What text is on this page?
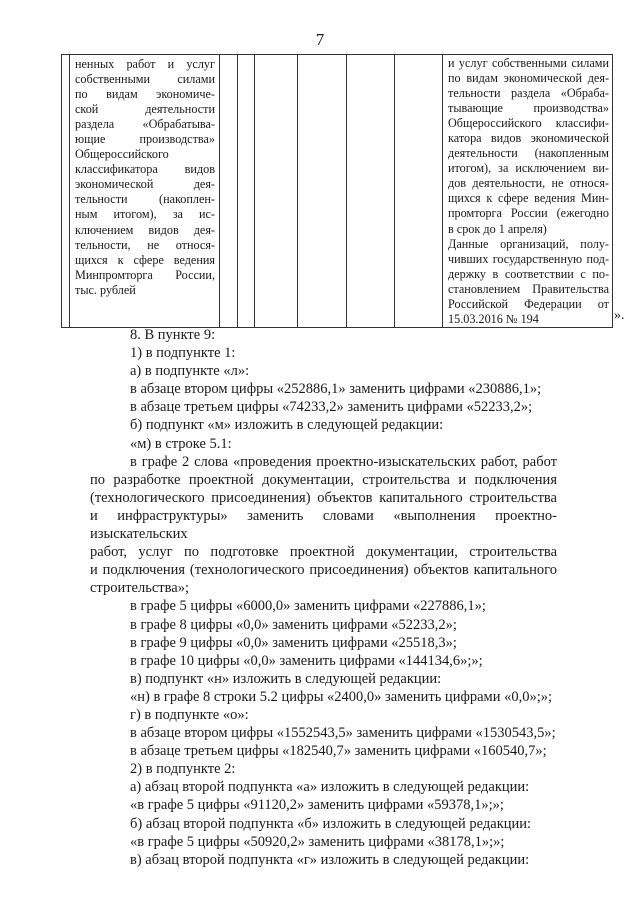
7

ненных работ и услуг
собственными силами
по видам экономиче-
ской деятельности
раздела «Обрабатыва-
ющие производства»
Общероссийского
классификатора видов
экономической дея-
тельности (накоплен-
ным итогом), за ис-
ключением видов дея-
тельности, не относя-
щихся к сфере ведения
Минпромторга России,
тыс. рублей

и услуг собственными силами
по видам экономической дея-
тельности раздела «Обраба-
тывающие производства»
Общероссийского классифи-
катора видов экономической
деятельности (накопленным
итогом), за исключением ви-
дов деятельности, не относя-
щихся к сфере ведения Мин-
промторга России (ежегодно
в срок до 1 апреля)
Данные организаций, полу-
чивших государственную под-
держку в соответствии с по-
становлением Правительства
Российской Федерации от
15.03.2016 № 194	».

8. В пункте 9:

1) в подпункте 1:

а) в подпункте «л»:

в абзаце втором цифры «252886,1» заменить цифрами «230886,1»;

в абзаце третьем цифры «74233,2» заменить цифрами «52233,2»;

б) подпункт «м» изложить в следующей редакции:

«м) в строке 5.1:

в графе 2 слова «проведения проектно-изыскательских работ, работ

по разработке проектной документации, строительства и подключения

(технологического присоединения) объектов капитального строительства

и инфраструктуры» заменить словами «выполнения проектно-изыскательских

работ, услуг по подготовке проектной документации, строительства

и подключения (технологического присоединения) объектов капитального

строительства»;

в графе 5 цифры «6000,0» заменить цифрами «227886,1»;

в графе 8 цифры «0,0» заменить цифрами «52233,2»;

в графе 9 цифры «0,0» заменить цифрами «25518,3»;

в графе 10 цифры «0,0» заменить цифрами «144134,6»;»;

в) подпункт «н» изложить в следующей редакции:

«н) в графе 8 строки 5.2 цифры «2400,0» заменить цифрами «0,0»;»;

г) в подпункте «о»:

в абзаце втором цифры «1552543,5» заменить цифрами «1530543,5»;

в абзаце третьем цифры «182540,7» заменить цифрами «160540,7»;

2) в подпункте 2:

а) абзац второй подпункта «а» изложить в следующей редакции:

«в графе 5 цифры «91120,2» заменить цифрами «59378,1»;»;

б) абзац второй подпункта «б» изложить в следующей редакции:

«в графе 5 цифры «50920,2» заменить цифрами «38178,1»;»;

в) абзац второй подпункта «г» изложить в следующей редакции:
